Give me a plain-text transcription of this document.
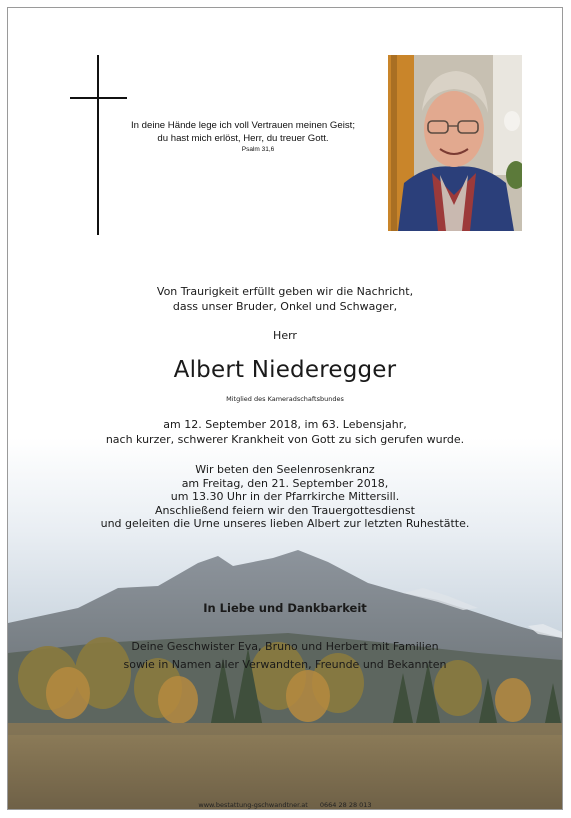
In deine Hände lege ich voll Vertrauen meinen Geist;
du hast mich erlöst, Herr, du treuer Gott.
Psalm 31,6
Von Traurigkeit erfüllt geben wir die Nachricht,
dass unser Bruder, Onkel und Schwager,
Herr
Albert Niederegger
Mitglied des Kameradschaftsbundes
am 12. September 2018, im 63. Lebensjahr,
nach kurzer, schwerer Krankheit von Gott zu sich gerufen wurde.
Wir beten den Seelenrosenkranz
am Freitag, den 21. September 2018,
um 13.30 Uhr in der Pfarrkirche Mittersill.
Anschließend feiern wir den Trauergottesdienst
und geleiten die Urne unseres lieben Albert zur letzten Ruhestätte.
In Liebe und Dankbarkeit
Deine Geschwister Eva, Bruno und Herbert mit Familien
sowie in Namen aller Verwandten, Freunde und Bekannten
www.bestattung-gschwandtner.at 0664 28 28 013
